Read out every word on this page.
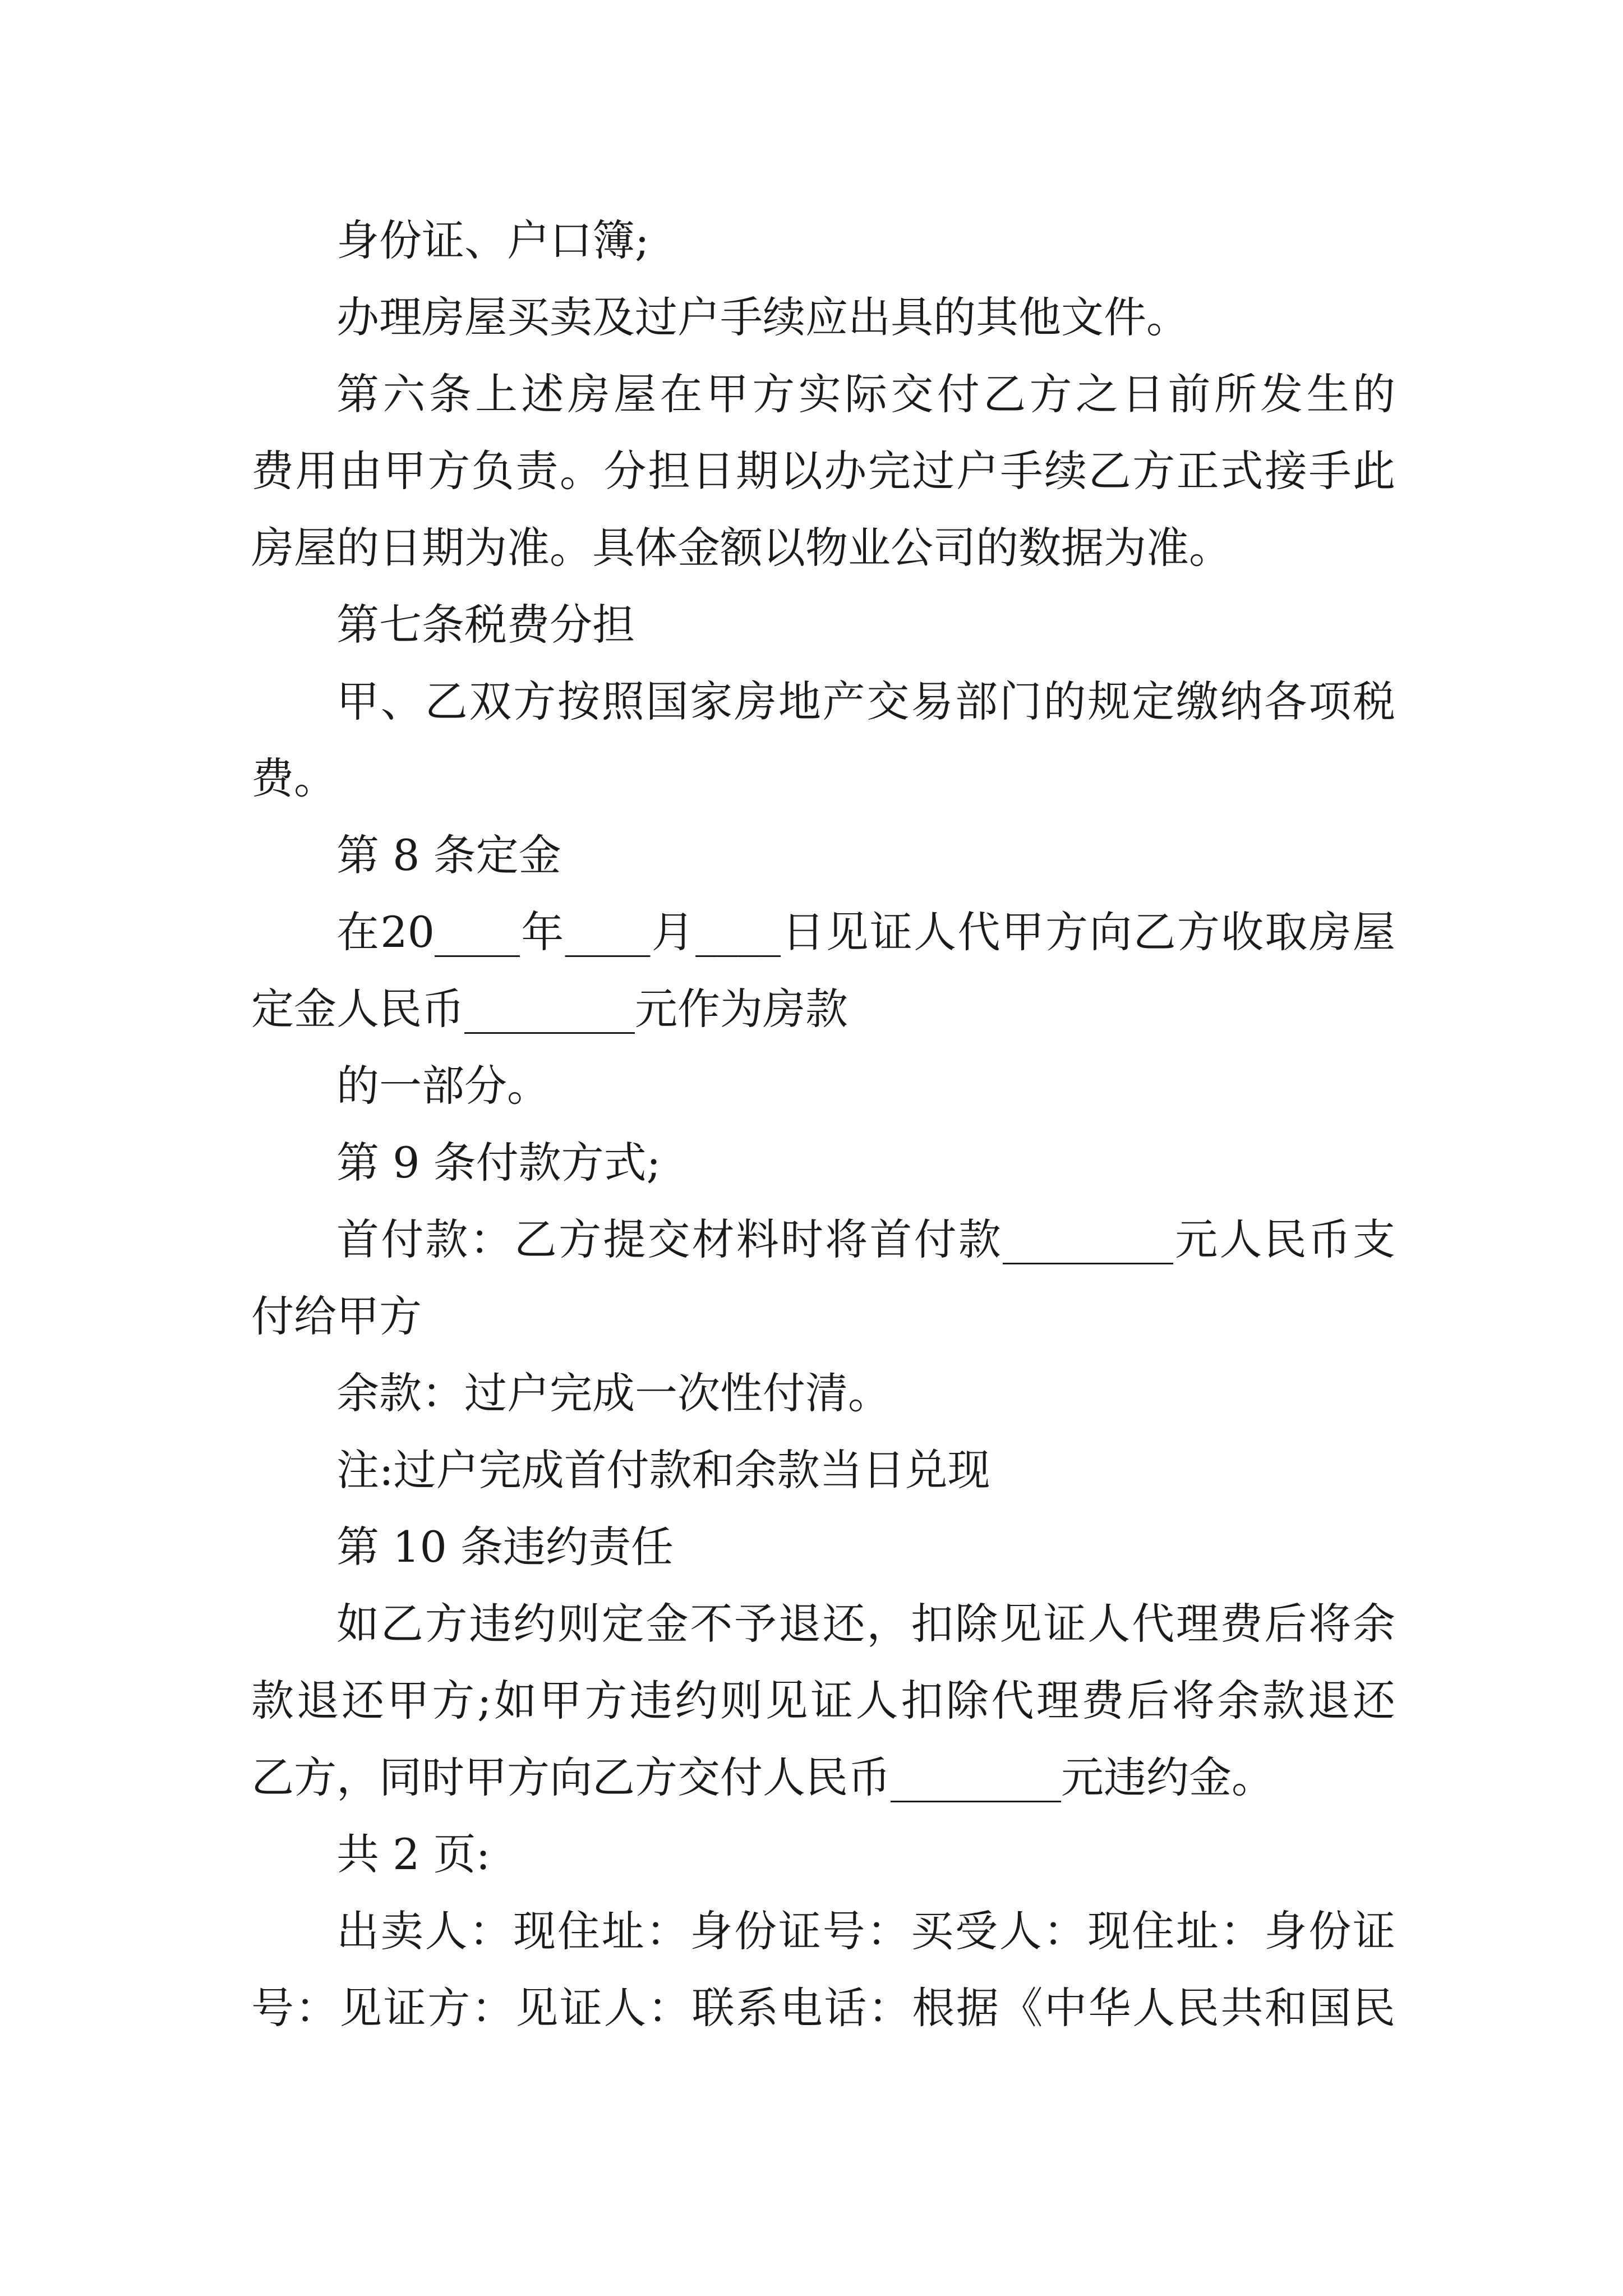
身份证、户口簿;
办理房屋买卖及过户手续应出具的其他文件。
第六条上述房屋在甲方实际交付乙方之日前所发生的
费用由甲方负责。分担日期以办完过户手续乙方正式接手此
房屋的日期为准。具体金额以物业公司的数据为准。
第七条税费分担
甲、乙双方按照国家房地产交易部门的规定缴纳各项税
费。
第 8 条定金
在20____年____月____日见证人代甲方向乙方收取房屋
定金人民币________元作为房款
的一部分。
第 9 条付款方式;
首付款：乙方提交材料时将首付款________元人民币支
付给甲方
余款：过户完成一次性付清。
注:过户完成首付款和余款当日兑现
第 10 条违约责任
如乙方违约则定金不予退还，扣除见证人代理费后将余
款退还甲方;如甲方违约则见证人扣除代理费后将余款退还
乙方，同时甲方向乙方交付人民币________元违约金。
共 2 页:
出卖人：现住址：身份证号：买受人：现住址：身份证
号：见证方：见证人：联系电话：根据《中华人民共和国民
